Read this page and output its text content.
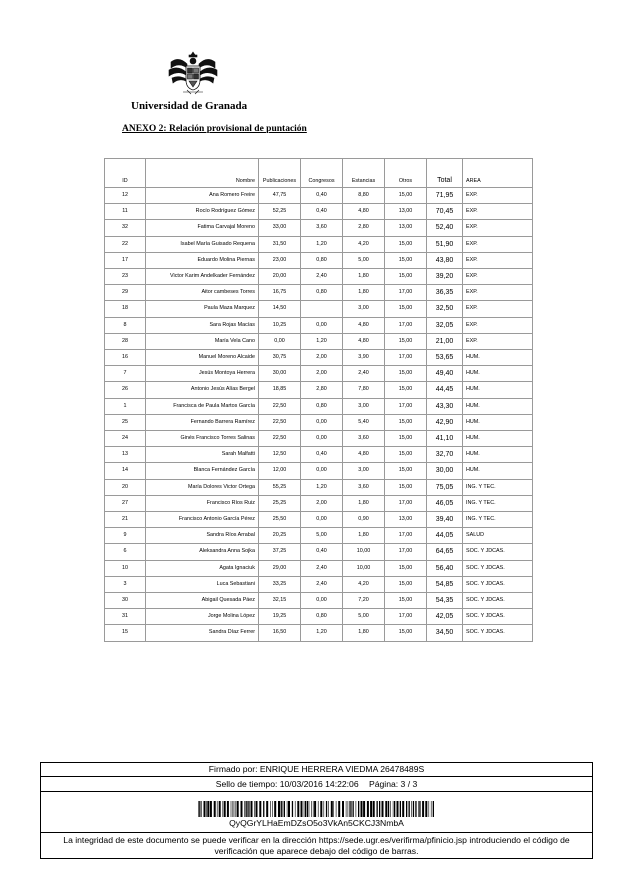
Universidad de Granada
ANEXO 2: Relación provisional de puntación
ID	Nombre	Publicaciones	Congresos	Estancias	Otros	Total	AREA
12	Ana Romero Freire	47,75	0,40	8,80	15,00	71,95	EXP.
11	Rocío Rodríguez Gómez	52,25	0,40	4,80	13,00	70,45	EXP.
32	Fatima Carvajal Moreno	33,00	3,60	2,80	13,00	52,40	EXP.
22	Isabel María Guisado Requena	31,50	1,20	4,20	15,00	51,90	EXP.
17	Eduardo Molina Piernas	23,00	0,80	5,00	15,00	43,80	EXP.
23	Victor Karim Andelkader Fernández	20,00	2,40	1,80	15,00	39,20	EXP.
29	Aitor cambeses Torres	16,75	0,80	1,80	17,00	36,35	EXP.
18	Paula Maza Marquez	14,50		3,00	15,00	32,50	EXP.
8	Sara Rojas Macías	10,25	0,00	4,80	17,00	32,05	EXP.
28	María Vela Cano	0,00	1,20	4,80	15,00	21,00	EXP.
16	Manuel Moreno Alcaide	30,75	2,00	3,90	17,00	53,65	HUM.
7	Jesús Montoya Herrera	30,00	2,00	2,40	15,00	49,40	HUM.
26	Antonio Jesús Alías Bergel	18,85	2,80	7,80	15,00	44,45	HUM.
1	Francisca de Paula Martos García	22,50	0,80	3,00	17,00	43,30	HUM.
25	Fernando Barrera Ramírez	22,50	0,00	5,40	15,00	42,90	HUM.
24	Ginés Francisco Torres Salinas	22,50	0,00	3,60	15,00	41,10	HUM.
13	Sarah Malfatti	12,50	0,40	4,80	15,00	32,70	HUM.
14	Blanca Fernández García	12,00	0,00	3,00	15,00	30,00	HUM.
20	María Dolores Victor Ortega	55,25	1,20	3,60	15,00	75,05	ING. Y TEC.
27	Francisco Ríos Ruiz	25,25	2,00	1,80	17,00	46,05	ING. Y TEC.
21	Francisco Antonio García Pérez	25,50	0,00	0,90	13,00	39,40	ING. Y TEC.
9	Sandra Ríos Arrabal	20,25	5,00	1,80	17,00	44,05	SALUD
6	Aleksandra Anna Sojka	37,25	0,40	10,00	17,00	64,65	SOC. Y JDCAS.
10	Agata Ignaciuk	29,00	2,40	10,00	15,00	56,40	SOC. Y JDCAS.
3	Luca Sebastiani	33,25	2,40	4,20	15,00	54,85	SOC. Y JDCAS.
30	Abigail Quesada Páez	32,15	0,00	7,20	15,00	54,35	SOC. Y JDCAS.
31	Jorge Molina López	19,25	0,80	5,00	17,00	42,05	SOC. Y JDCAS.
15	Sandra Díaz Ferrer	16,50	1,20	1,80	15,00	34,50	SOC. Y JDCAS.
Firmado por: ENRIQUE HERRERA VIEDMA 26478489S
Sello de tiempo: 10/03/2016 14:22:06 Página: 3 / 3
QyQGrYLHaEmDZsO5o3VkAn5CKCJ3NmbA
La integridad de este documento se puede verificar en la dirección https://sede.ugr.es/verifirma/pfinicio.jsp introduciendo el código de verificación que aparece debajo del código de barras.
